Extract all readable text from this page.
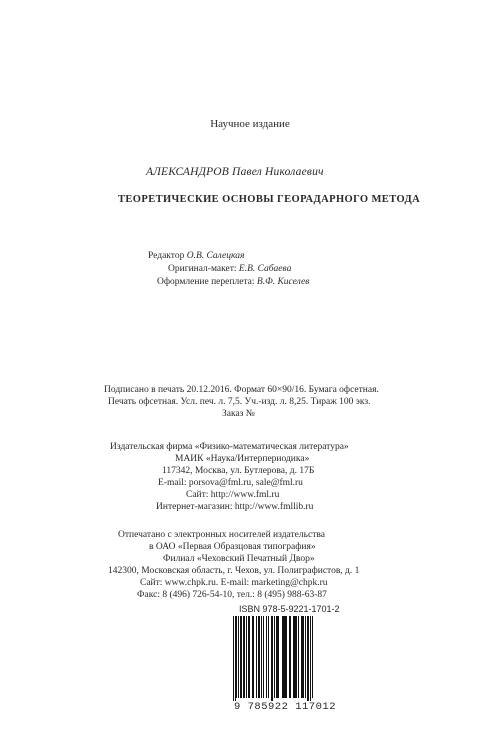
Научное издание
АЛЕКСАНДРОВ Павел Николаевич
ТЕОРЕТИЧЕСКИЕ ОСНОВЫ ГЕОРАДАРНОГО МЕТОДА
Редактор О.В. Салецкая
Оригинал-макет: Е.В. Сабаева
Оформление переплета: В.Ф. Киселев
Подписано в печать 20.12.2016. Формат 60×90/16. Бумага офсетная.
Печать офсетная. Усл. печ. л. 7,5. Уч.-изд. л. 8,25. Тираж 100 экз.
Заказ №
Издательская фирма «Физико-математическая литература»
МАИК «Наука/Интерпериодика»
117342, Москва, ул. Бутлерова, д. 17Б
E-mail: porsova@fml.ru, sale@fml.ru
Сайт: http://www.fml.ru
Интернет-магазин: http://www.fmllib.ru
Отпечатано с электронных носителей издательства
в ОАО «Первая Образцовая типография»
Филиал «Чеховский Печатный Двор»
142300, Московская область, г. Чехов, ул. Полиграфистов, д. 1
Сайт: www.chpk.ru. E-mail: marketing@chpk.ru
Факс: 8 (496) 726-54-10, тел.: 8 (495) 988-63-87
ISBN 978-5-9221-1701-2
9 785922 117012
